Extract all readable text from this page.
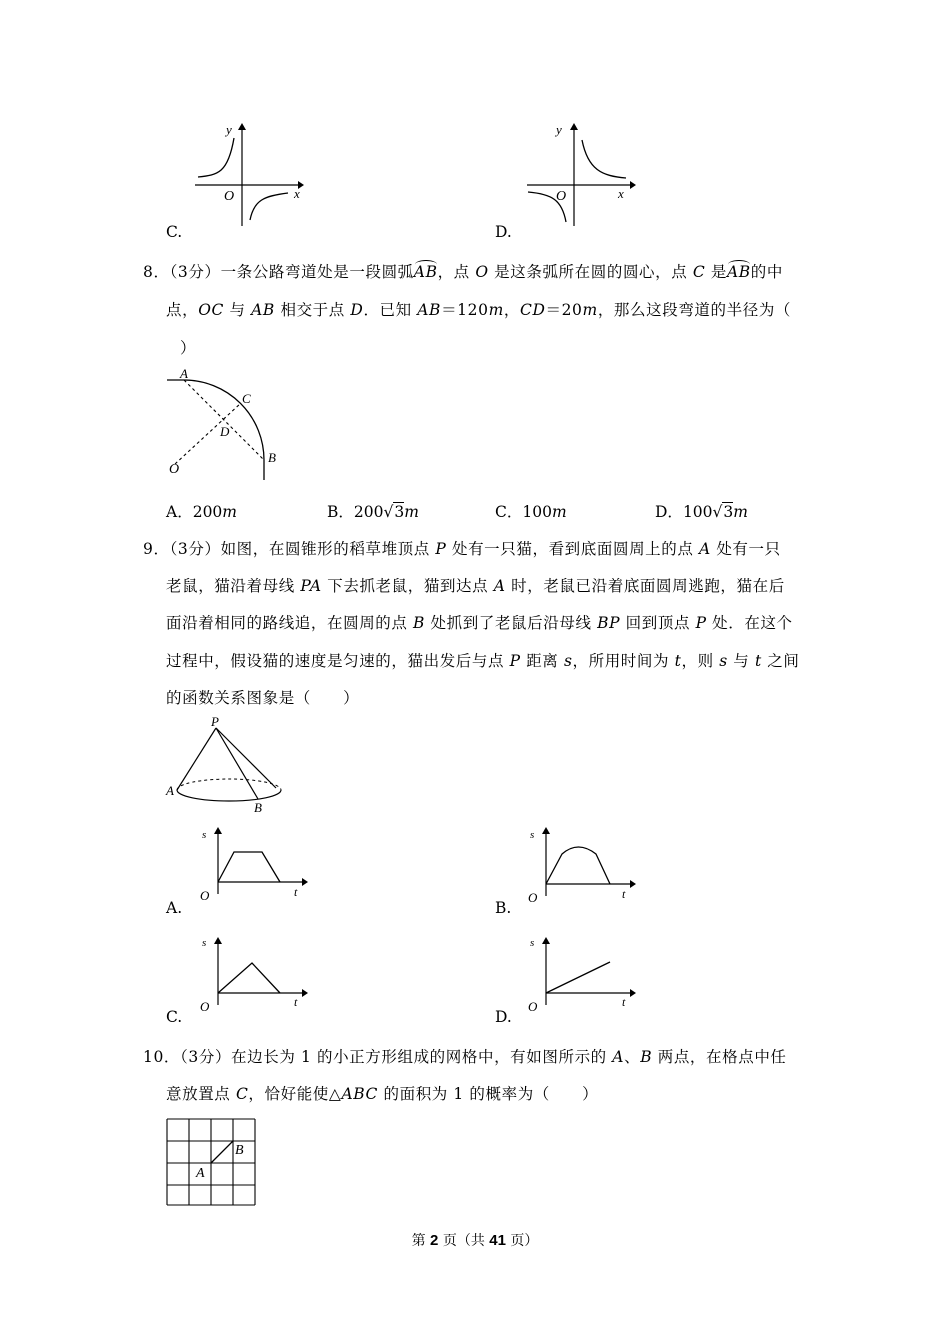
y
x
O
C.
y
x
O
D.
8．（3分）一条公路弯道处是一段圆弧AB，点 O 是这条弧所在圆的圆心，点 C 是AB的中
点，OC 与 AB 相交于点 D．已知 AB＝120m，CD＝20m，那么这段弯道的半径为（
）
A
C
D
B
O
A．200m	B．200√3m	C．100m	D．100√3m
9．（3分）如图，在圆锥形的稻草堆顶点 P 处有一只猫，看到底面圆周上的点 A 处有一只
老鼠，猫沿着母线 PA 下去抓老鼠，猫到达点 A 时，老鼠已沿着底面圆周逃跑，猫在后
面沿着相同的路线追，在圆周的点 B 处抓到了老鼠后沿母线 BP 回到顶点 P 处．在这个
过程中，假设猫的速度是匀速的，猫出发后与点 P 距离 s，所用时间为 t，则 s 与 t 之间
的函数关系图象是（　　）
P
A
B
s
t
O
A.
s
t
O
B.
s
t
O
C.
s
t
O
D.
10．（3分）在边长为 1 的小正方形组成的网格中，有如图所示的 A、B 两点，在格点中任
意放置点 C，恰好能使△ABC 的面积为 1 的概率为（　　）
A
B
第 2 页（共 41 页）
